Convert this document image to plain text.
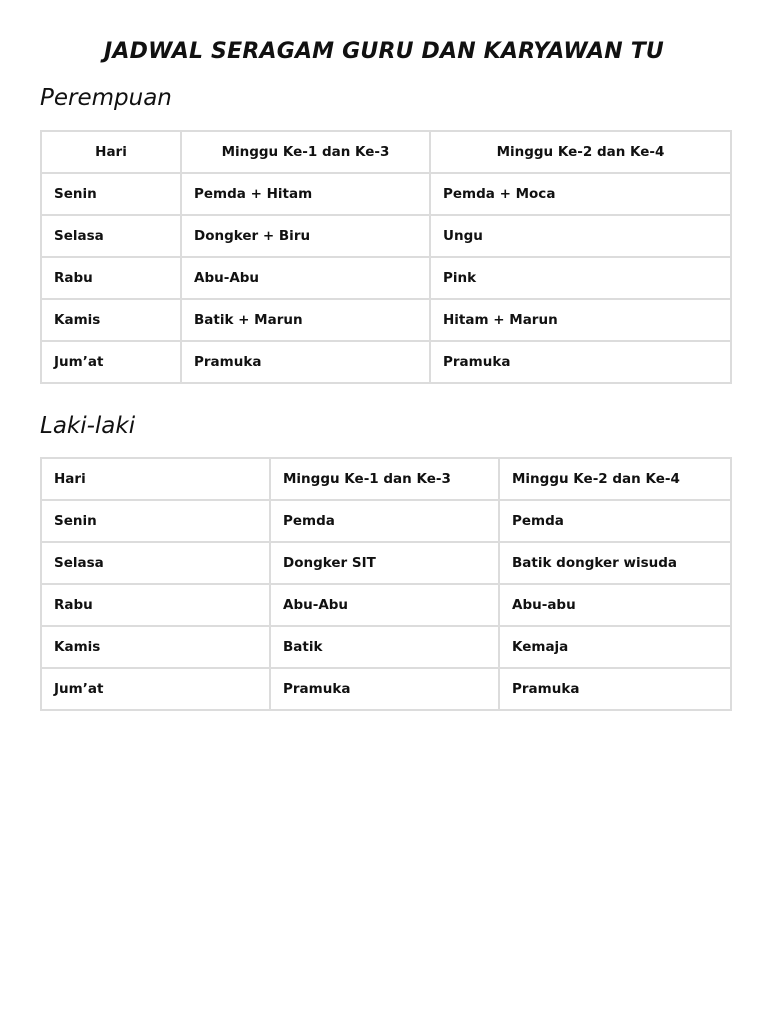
JADWAL SERAGAM GURU DAN KARYAWAN TU
Perempuan
Hari	Minggu Ke-1 dan Ke-3	Minggu Ke-2 dan Ke-4
Senin	Pemda + Hitam	Pemda + Moca
Selasa	Dongker + Biru	Ungu
Rabu	Abu-Abu	Pink
Kamis	Batik + Marun	Hitam + Marun
Jum’at	Pramuka	Pramuka
Laki-laki
Hari	Minggu Ke-1 dan Ke-3	Minggu Ke-2 dan Ke-4
Senin	Pemda	Pemda
Selasa	Dongker SIT	Batik dongker wisuda
Rabu	Abu-Abu	Abu-abu
Kamis	Batik	Kemaja
Jum’at	Pramuka	Pramuka
